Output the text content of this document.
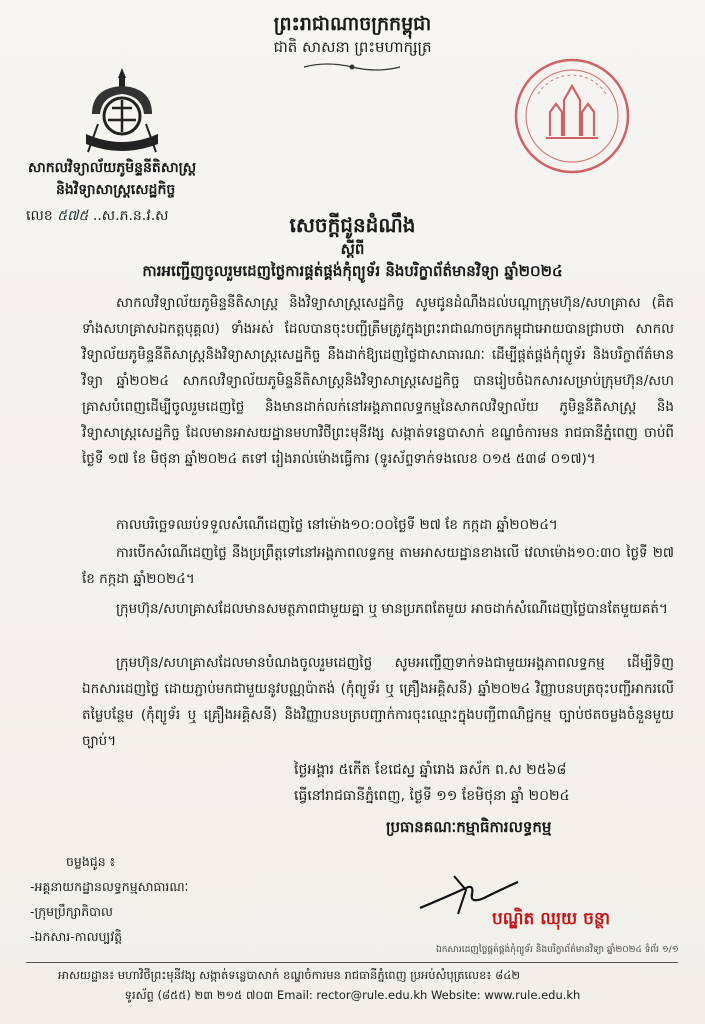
ព្រះរាជាណាចក្រកម្ពុជា
ជាតិ សាសនា ព្រះមហាក្សត្រ
សាកលវិទ្យាល័យភូមិន្ទនីតិសាស្ត្រ
និងវិទ្យាសាស្ត្រសេដ្ឋកិច្ច
លេខ ៥៧៥ ..ស.ភ.ន.វ.ស	សេចក្តីជូនដំណឹង
ស្តីពី
ការអញ្ជើញចូលរួមដេញថ្លៃការផ្គត់ផ្គង់កុំព្យូទ័រ និងបរិក្ខាព័ត៌មានវិទ្យា ឆ្នាំ២០២៤
សាកលវិទ្យាល័យភូមិន្ទនីតិសាស្ត្រ និងវិទ្យាសាស្ត្រសេដ្ឋកិច្ច សូមជូនដំណឹងដល់បណ្តាក្រុមហ៊ុន/សហគ្រាស (គិតទាំងសហគ្រាសឯកត្តបុគ្គល) ទាំងអស់ ដែលបានចុះបញ្ជីត្រឹមត្រូវក្នុងព្រះរាជាណាចក្រកម្ពុជាអោយបានជ្រាបថា សាកលវិទ្យាល័យភូមិន្ទនីតិសាស្ត្រនិងវិទ្យាសាស្ត្រសេដ្ឋកិច្ច នឹងដាក់ឱ្យដេញថ្លៃជាសាធារណៈ ដើម្បីផ្គត់ផ្គង់កុំព្យូទ័រ និងបរិក្ខាព័ត៌មានវិទ្យា ឆ្នាំ២០២៤ សាកលវិទ្យាល័យភូមិន្ទនីតិសាស្ត្រនិងវិទ្យាសាស្ត្រសេដ្ឋកិច្ច បានរៀបចំឯកសារសម្រាប់ក្រុមហ៊ុន/សហគ្រាសបំពេញដើម្បីចូលរួមដេញថ្លៃ និងមានដាក់លក់នៅអង្គភាពលទ្ធកម្មនៃសាកលវិទ្យាល័យ ភូមិន្ទនីតិសាស្ត្រ និងវិទ្យាសាស្ត្រសេដ្ឋកិច្ច ដែលមានអាសយដ្ឋានមហាវិថីព្រះមុនីវង្ស សង្កាត់ទន្លេបាសាក់ ខណ្ឌចំការមន រាជធានីភ្នំពេញ ចាប់ពីថ្ងៃទី ១៧ ខែ មិថុនា ឆ្នាំ២០២៤ តទៅ រៀងរាល់ម៉ោងធ្វើការ (ទូរស័ព្ទទាក់ទងលេខ ០១៥ ៥៣៨ ០១៧)។
កាលបរិច្ឆេទឈប់ទទួលសំណើដេញថ្លៃ នៅម៉ោង១០:០០ថ្ងៃទី ២៧ ខែ កក្កដា ឆ្នាំ២០២៤។
ការបើកសំណើដេញថ្លៃ នឹងប្រព្រឹត្តទៅនៅអង្គភាពលទ្ធកម្ម តាមអាសយដ្ឋានខាងលើ វេលាម៉ោង១០:៣០ ថ្ងៃទី ២៧ ខែ កក្កដា ឆ្នាំ២០២៤។
ក្រុមហ៊ុន/សហគ្រាសដែលមានសមត្ថភាពជាមួយគ្នា ឬ មានប្រភពតែមួយ អាចដាក់សំណើដេញថ្លៃបានតែមួយគត់។
ក្រុមហ៊ុន/សហគ្រាសដែលមានបំណងចូលរួមដេញថ្លៃ សូមអញ្ជើញទាក់ទងជាមួយអង្គភាពលទ្ធកម្ម ដើម្បីទិញឯកសារដេញថ្លៃ ដោយភ្ជាប់មកជាមួយនូវបណ្ណប៉ាតង់ (កុំព្យូទ័រ ឬ គ្រឿងអគ្គិសនី) ឆ្នាំ២០២៤ វិញ្ញាបនបត្រចុះបញ្ជីអាករលើតម្លៃបន្ថែម (កុំព្យូទ័រ ឬ គ្រឿងអគ្គិសនី) និងវិញ្ញាបនបត្របញ្ជាក់ការចុះឈ្មោះក្នុងបញ្ជីពាណិជ្ជកម្ម ច្បាប់ថតចម្លងចំនួនមួយច្បាប់។
ថ្ងៃអង្គារ ៥កើត ខែជេស្ឋ ឆ្នាំរោង ឆស័ក ព.ស ២៥៦៨
ធ្វើនៅរាជធានីភ្នំពេញ, ថ្ងៃទី ១១ ខែមិថុនា ឆ្នាំ ២០២៤
ប្រធានគណៈកម្មាធិការលទ្ធកម្ម
ចម្លងជូន ៖
-អគ្គនាយកដ្ឋានលទ្ធកម្មសាធារណៈ
-ក្រុមប្រឹក្សាភិបាល
-ឯកសារ-កាលប្បវត្តិ
បណ្ឌិត ឈុយ ចន្ថា
ឯកសារដេញថ្លៃផ្គត់ផ្គង់កុំព្យូទ័រ និងបរិក្ខាព័ត៌មានវិទ្យា ឆ្នាំ២០២៤ ទំព័រ ១/១
អាសយដ្ឋាន៖ មហាវិថីព្រះមុនីវង្ស សង្កាត់ទន្លេបាសាក់ ខណ្ឌចំការមន រាជធានីភ្នំពេញ ប្រអប់សំបុត្រលេខ៖ ៨៤២
ទូរស័ព្ទ (៨៥៥) ២៣ ២១៥ ៧០៣ Email: rector@rule.edu.kh Website: www.rule.edu.kh
